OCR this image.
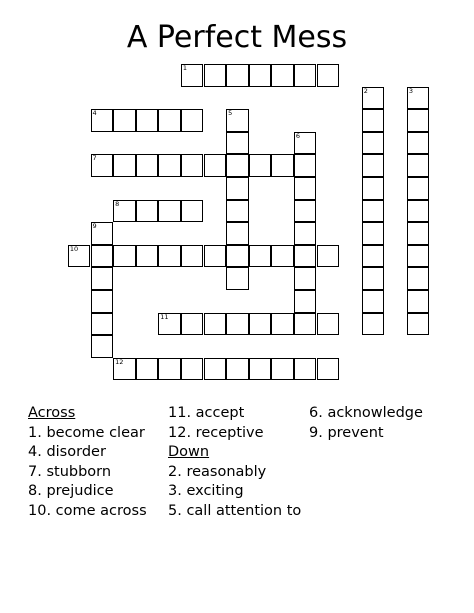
A Perfect Mess
1
2	3
4	5
6
7
8
9
10
11
12
Across
1. become clear
4. disorder
7. stubborn
8. prejudice
10. come across
11. accept
12. receptive
Down
2. reasonably
3. exciting
5. call attention to
6. acknowledge
9. prevent
